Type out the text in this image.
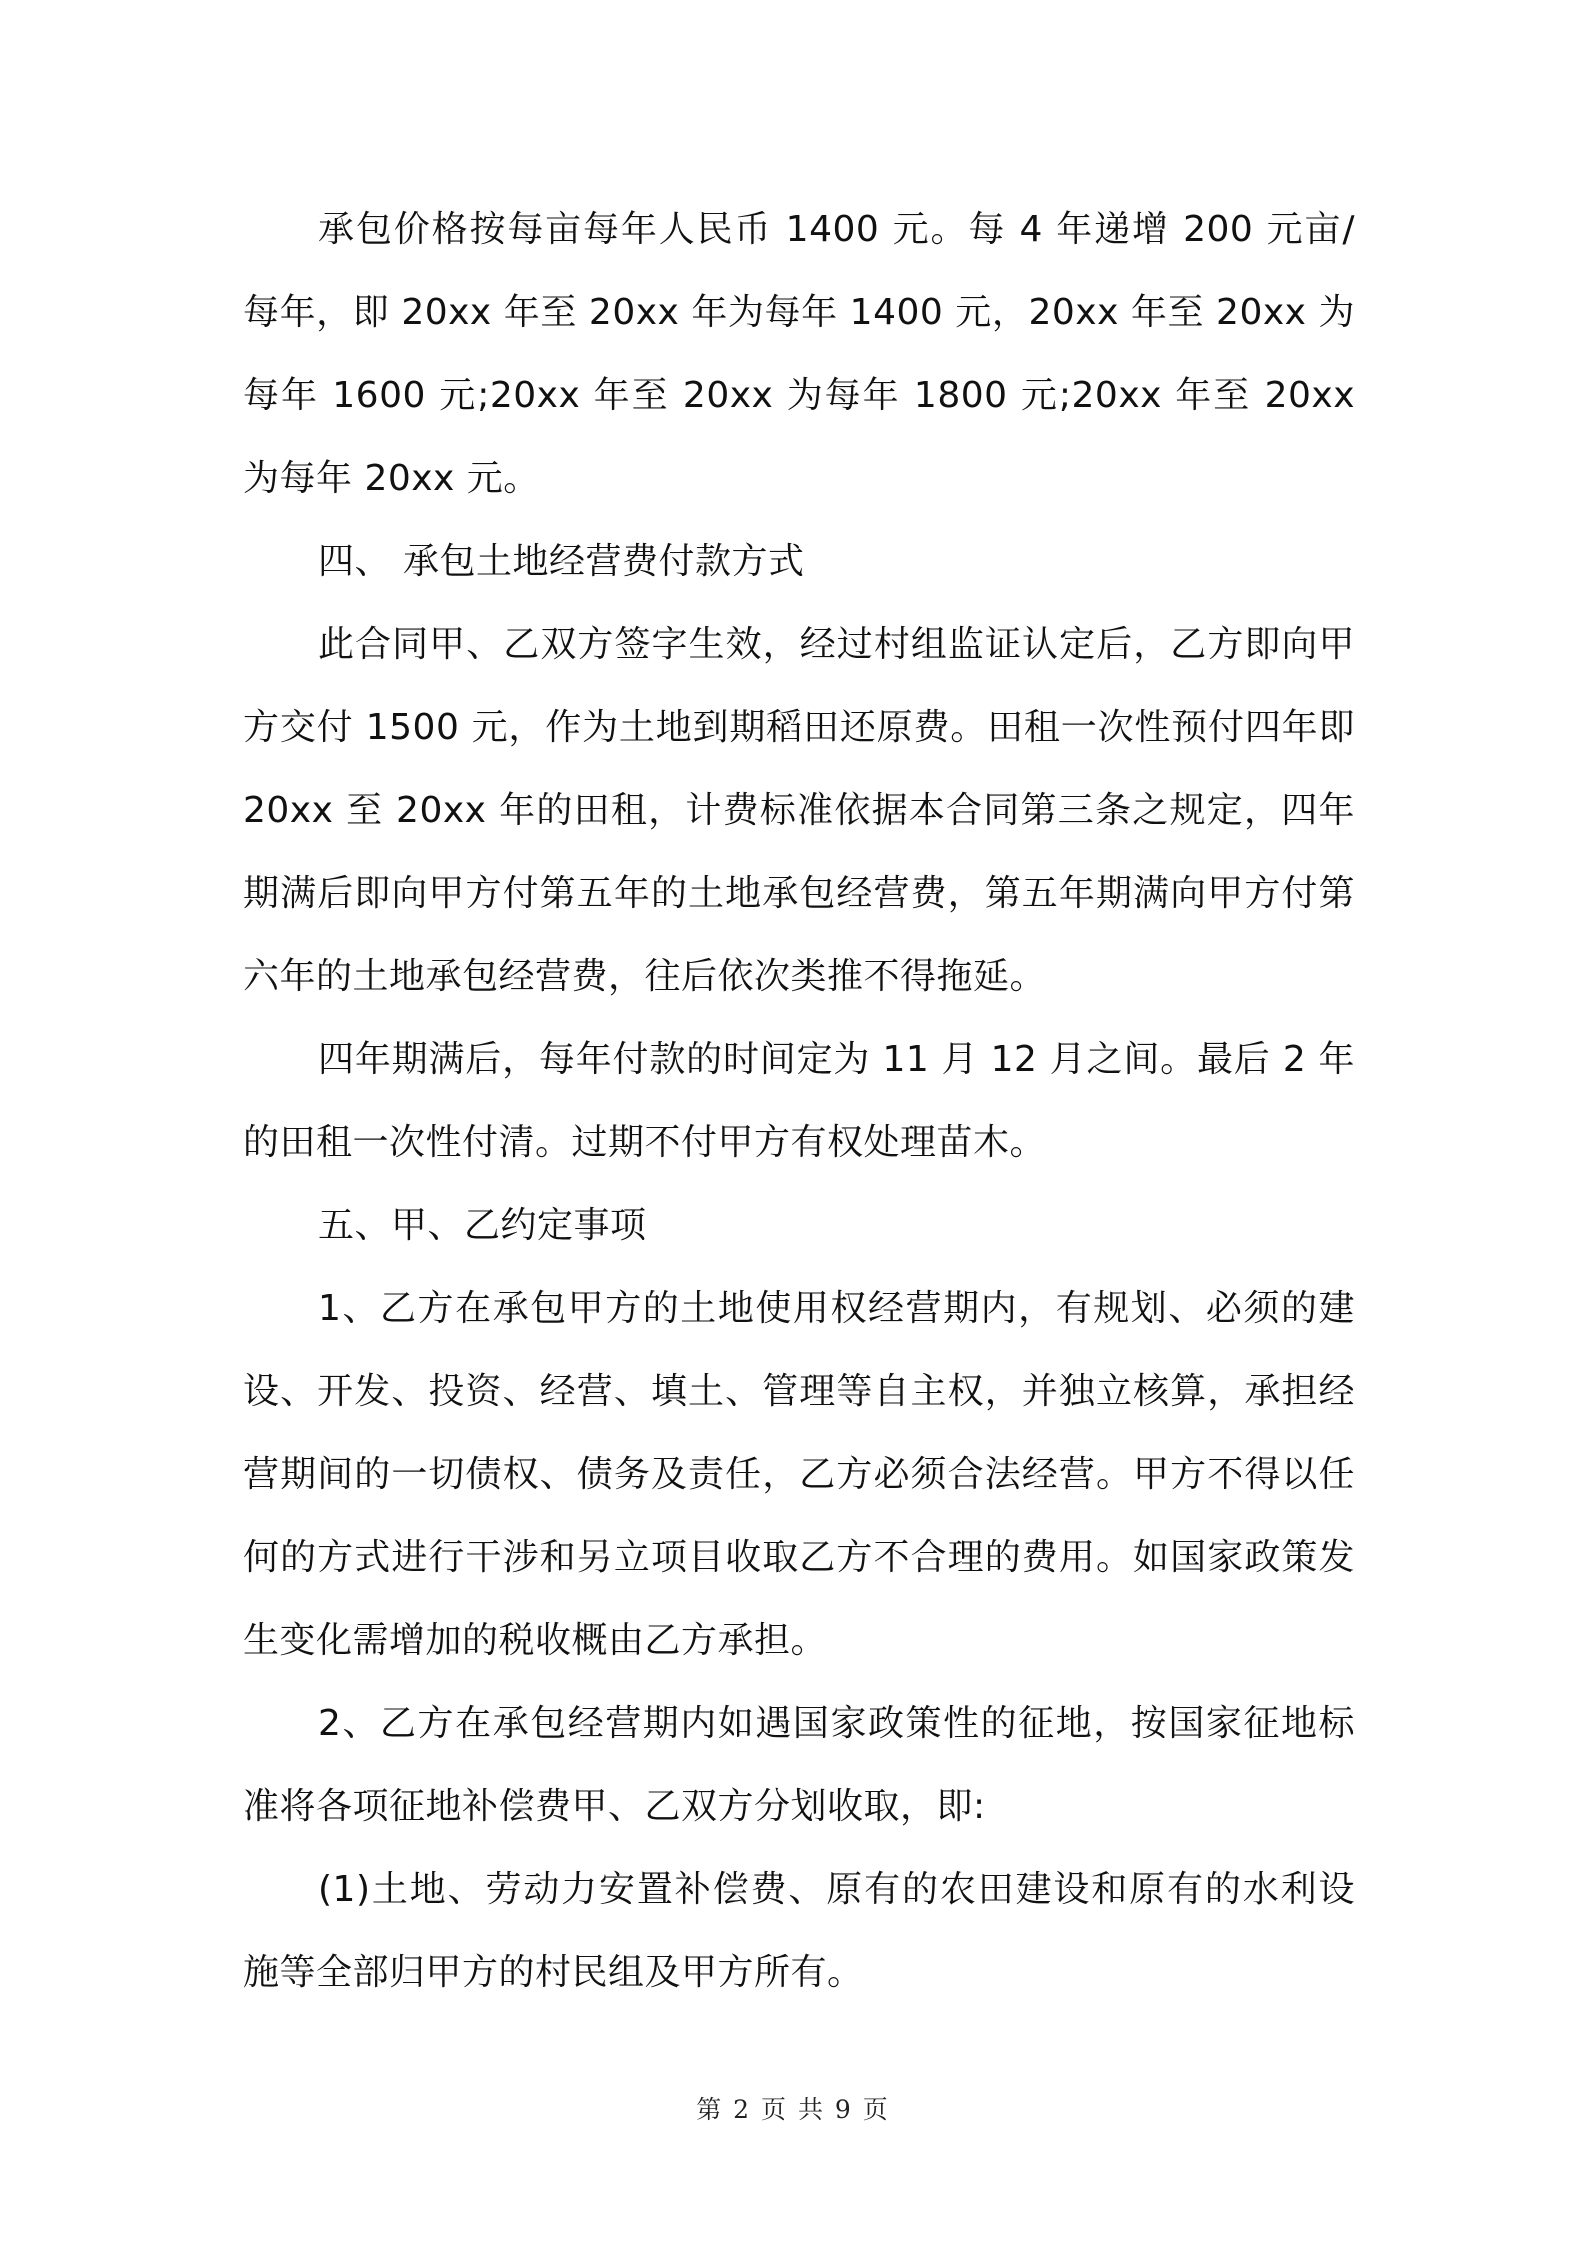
承包价格按每亩每年人民币 1400 元。每 4 年递增 200 元亩/每年，即 20xx 年至 20xx 年为每年 1400 元，20xx 年至 20xx 为每年 1600 元;20xx 年至 20xx 为每年 1800 元;20xx 年至 20xx 为每年 20xx 元。

四、 承包土地经营费付款方式

此合同甲、乙双方签字生效，经过村组监证认定后，乙方即向甲方交付 1500 元，作为土地到期稻田还原费。田租一次性预付四年即 20xx 至 20xx 年的田租，计费标准依据本合同第三条之规定，四年期满后即向甲方付第五年的土地承包经营费，第五年期满向甲方付第六年的土地承包经营费，往后依次类推不得拖延。

四年期满后，每年付款的时间定为 11 月 12 月之间。最后 2 年的田租一次性付清。过期不付甲方有权处理苗木。

五、甲、乙约定事项

1、乙方在承包甲方的土地使用权经营期内，有规划、必须的建设、开发、投资、经营、填土、管理等自主权，并独立核算，承担经营期间的一切债权、债务及责任，乙方必须合法经营。甲方不得以任何的方式进行干涉和另立项目收取乙方不合理的费用。如国家政策发生变化需增加的税收概由乙方承担。

2、乙方在承包经营期内如遇国家政策性的征地，按国家征地标准将各项征地补偿费甲、乙双方分划收取，即:

(1)土地、劳动力安置补偿费、原有的农田建设和原有的水利设施等全部归甲方的村民组及甲方所有。

第 2 页 共 9 页
